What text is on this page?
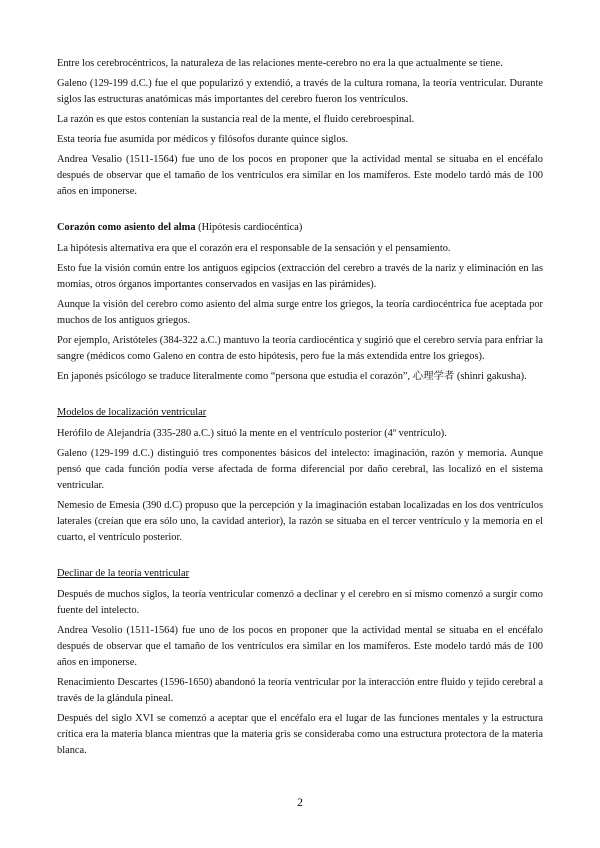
Entre los cerebrocéntricos, la naturaleza de las relaciones mente-cerebro no era la que actualmente se tiene.

Galeno (129-199 d.C.) fue el que popularizó y extendió, a través de la cultura romana, la teoría ventricular. Durante siglos las estructuras anatómicas más importantes del cerebro fueron los ventrículos.

La razón es que estos contenían la sustancia real de la mente, el fluido cerebroespinal.

Esta teoría fue asumida por médicos y filósofos durante quince siglos.

Andrea Vesalio (1511-1564) fue uno de los pocos en proponer que la actividad mental se situaba en el encéfalo después de observar que el tamaño de los ventrículos era similar en los mamíferos. Este modelo tardó más de 100 años en imponerse.

Corazón como asiento del alma (Hipótesis cardiocéntica)

La hipótesis alternativa era que el corazón era el responsable de la sensación y el pensamiento.

Esto fue la visión común entre los antiguos egipcios (extracción del cerebro a través de la nariz y eliminación en las momias, otros órganos importantes conservados en vasijas en las pirámides).

Aunque la visión del cerebro como asiento del alma surge entre los griegos, la teoría cardiocéntrica fue aceptada por muchos de los antiguos griegos.

Por ejemplo, Aristóteles (384-322 a.C.) mantuvo la teoría cardiocéntica y sugirió que el cerebro servía para enfriar la sangre (médicos como Galeno en contra de esto hipótesis, pero fue la más extendida entre los griegos).

En japonés psicólogo se traduce literalmente como “persona que estudia el corazón”, 心理学者 (shinri gakusha).

Modelos de localización ventricular

Herófilo de Alejandría (335-280 a.C.) situó la mente en el ventrículo posterior (4º ventrículo).

Galeno (129-199 d.C.) distinguió tres componentes básicos del intelecto: imaginación, razón y memoria. Aunque pensó que cada función podía verse afectada de forma diferencial por daño cerebral, las localizó en el sistema ventricular.

Nemesio de Emesia (390 d.C) propuso que la percepción y la imaginación estaban localizadas en los dos ventrículos laterales (creían que era sólo uno, la cavidad anterior), la razón se situaba en el tercer ventrículo y la memoria en el cuarto, el ventrículo posterior.

Declinar de la teoría ventricular

Después de muchos siglos, la teoría ventricular comenzó a declinar y el cerebro en sí mismo comenzó a surgir como fuente del intelecto.

Andrea Vesolio (1511-1564) fue uno de los pocos en proponer que la actividad mental se situaba en el encéfalo después de observar que el tamaño de los ventrículos era similar en los mamíferos. Este modelo tardó más de 100 años en imponerse.

Renacimiento Descartes (1596-1650) abandonó la teoría ventricular por la interacción entre fluido y tejido cerebral a través de la glándula pineal.

Después del siglo XVI se comenzó a aceptar que el encéfalo era el lugar de las funciones mentales y la estructura crítica era la materia blanca mientras que la materia gris se consideraba como una estructura protectora de la materia blanca.

2
